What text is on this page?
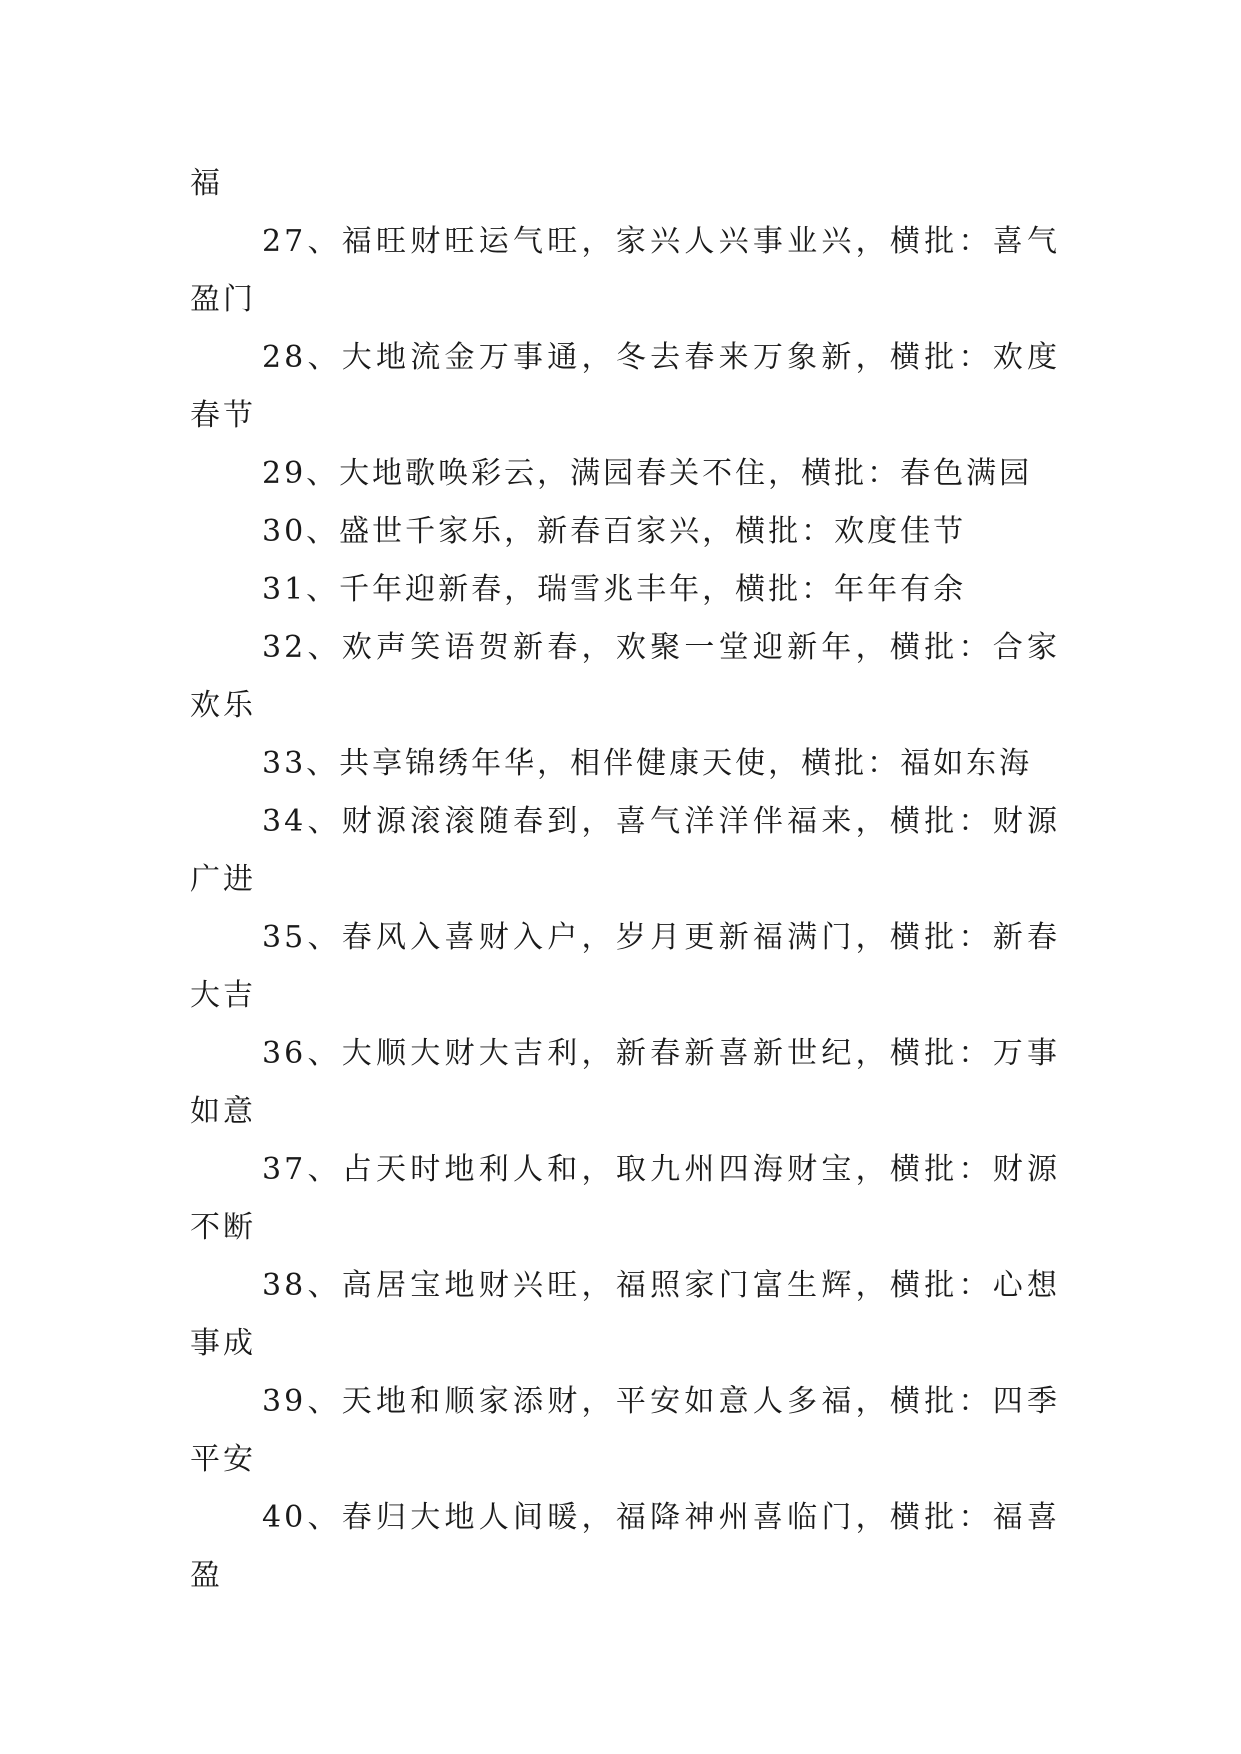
福

27、福旺财旺运气旺，家兴人兴事业兴，横批：喜气盈门

28、大地流金万事通，冬去春来万象新，横批：欢度春节

29、大地歌唤彩云，满园春关不住，横批：春色满园

30、盛世千家乐，新春百家兴，横批：欢度佳节

31、千年迎新春，瑞雪兆丰年，横批：年年有余

32、欢声笑语贺新春，欢聚一堂迎新年，横批：合家欢乐

33、共享锦绣年华，相伴健康天使，横批：福如东海

34、财源滚滚随春到，喜气洋洋伴福来，横批：财源广进

35、春风入喜财入户，岁月更新福满门，横批：新春大吉

36、大顺大财大吉利，新春新喜新世纪，横批：万事如意

37、占天时地利人和，取九州四海财宝，横批：财源不断

38、高居宝地财兴旺，福照家门富生辉，横批：心想事成

39、天地和顺家添财，平安如意人多福，横批：四季平安

40、春归大地人间暖，福降神州喜临门，横批：福喜盈
